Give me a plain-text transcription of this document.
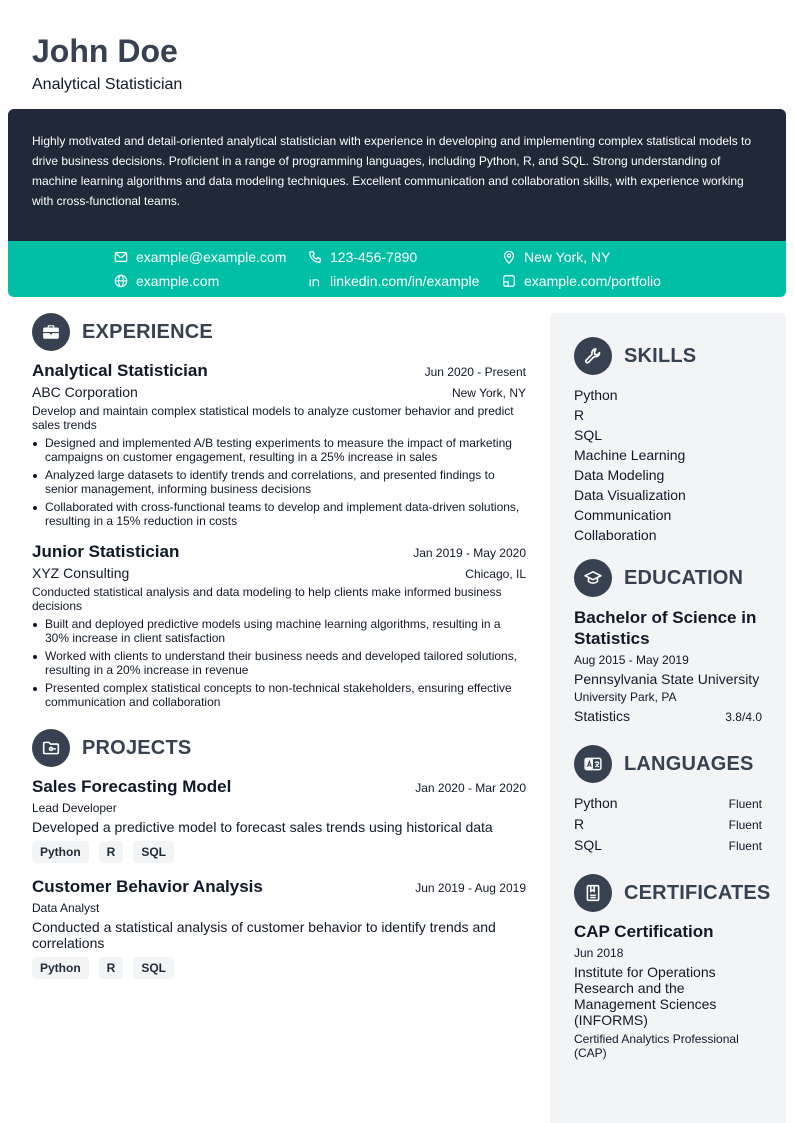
John Doe
Analytical Statistician
Highly motivated and detail-oriented analytical statistician with experience in developing and implementing complex statistical models to drive business decisions. Proficient in a range of programming languages, including Python, R, and SQL. Strong understanding of machine learning algorithms and data modeling techniques. Excellent communication and collaboration skills, with experience working with cross-functional teams.
example@example.com	123-456-7890	New York, NY
example.com	linkedin.com/in/example	example.com/portfolio
EXPERIENCE
Analytical Statistician	Jun 2020 - Present
ABC Corporation	New York, NY
Develop and maintain complex statistical models to analyze customer behavior and predict sales trends
Designed and implemented A/B testing experiments to measure the impact of marketing campaigns on customer engagement, resulting in a 25% increase in sales
Analyzed large datasets to identify trends and correlations, and presented findings to senior management, informing business decisions
Collaborated with cross-functional teams to develop and implement data-driven solutions, resulting in a 15% reduction in costs
Junior Statistician	Jan 2019 - May 2020
XYZ Consulting	Chicago, IL
Conducted statistical analysis and data modeling to help clients make informed business decisions
Built and deployed predictive models using machine learning algorithms, resulting in a 30% increase in client satisfaction
Worked with clients to understand their business needs and developed tailored solutions, resulting in a 20% increase in revenue
Presented complex statistical concepts to non-technical stakeholders, ensuring effective communication and collaboration
PROJECTS
Sales Forecasting Model	Jan 2020 - Mar 2020
Lead Developer
Developed a predictive model to forecast sales trends using historical data
Python	R	SQL
Customer Behavior Analysis	Jun 2019 - Aug 2019
Data Analyst
Conducted a statistical analysis of customer behavior to identify trends and correlations
Python	R	SQL
SKILLS
Python
R
SQL
Machine Learning
Data Modeling
Data Visualization
Communication
Collaboration
EDUCATION
Bachelor of Science in Statistics
Aug 2015 - May 2019
Pennsylvania State University
University Park, PA
Statistics	3.8/4.0
LANGUAGES
Python	Fluent
R	Fluent
SQL	Fluent
CERTIFICATES
CAP Certification
Jun 2018
Institute for Operations Research and the Management Sciences (INFORMS)
Certified Analytics Professional (CAP)
